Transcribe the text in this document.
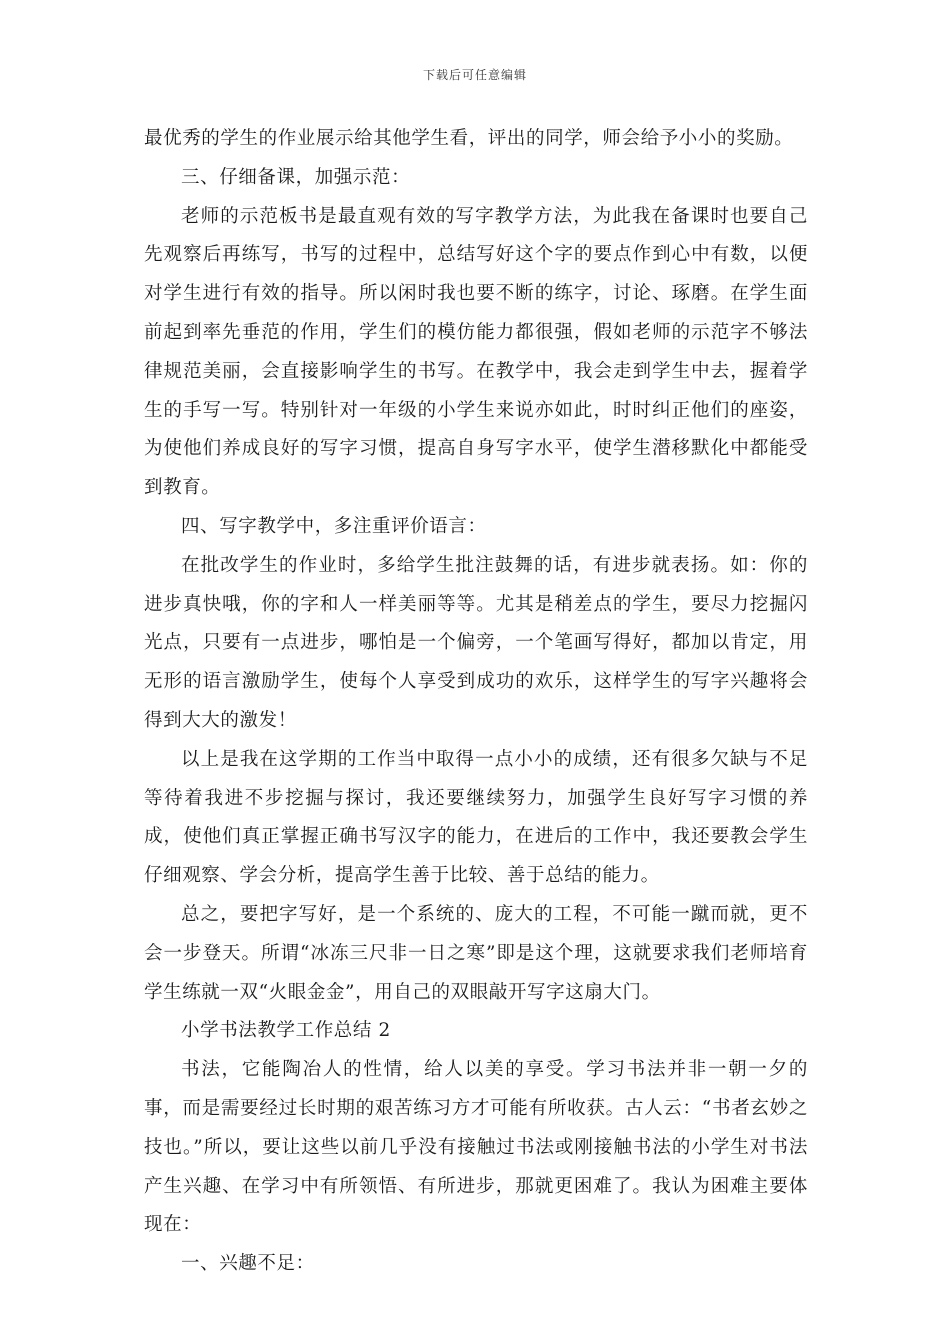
下载后可任意编辑

最优秀的学生的作业展示给其他学生看，评出的同学，师会给予小小的奖励。

三、仔细备课，加强示范：

老师的示范板书是最直观有效的写字教学方法，为此我在备课时也要自己先观察后再练写，书写的过程中，总结写好这个字的要点作到心中有数，以便对学生进行有效的指导。所以闲时我也要不断的练字，讨论、琢磨。在学生面前起到率先垂范的作用，学生们的模仿能力都很强，假如老师的示范字不够法律规范美丽，会直接影响学生的书写。在教学中，我会走到学生中去，握着学生的手写一写。特别针对一年级的小学生来说亦如此，时时纠正他们的座姿，为使他们养成良好的写字习惯，提高自身写字水平，使学生潜移默化中都能受到教育。

四、写字教学中，多注重评价语言：

在批改学生的作业时，多给学生批注鼓舞的话，有进步就表扬。如：你的进步真快哦，你的字和人一样美丽等等。尤其是稍差点的学生，要尽力挖掘闪光点，只要有一点进步，哪怕是一个偏旁，一个笔画写得好，都加以肯定，用无形的语言激励学生，使每个人享受到成功的欢乐，这样学生的写字兴趣将会得到大大的激发！

以上是我在这学期的工作当中取得一点小小的成绩，还有很多欠缺与不足等待着我进不步挖掘与探讨，我还要继续努力，加强学生良好写字习惯的养成，使他们真正掌握正确书写汉字的能力，在进后的工作中，我还要教会学生仔细观察、学会分析，提高学生善于比较、善于总结的能力。

总之，要把字写好，是一个系统的、庞大的工程，不可能一蹴而就，更不会一步登天。所谓“冰冻三尺非一日之寒”即是这个理，这就要求我们老师培育学生练就一双“火眼金金”，用自己的双眼敲开写字这扇大门。

小学书法教学工作总结 2

书法，它能陶冶人的性情，给人以美的享受。学习书法并非一朝一夕的事，而是需要经过长时期的艰苦练习方才可能有所收获。古人云：“书者玄妙之技也。”所以，要让这些以前几乎没有接触过书法或刚接触书法的小学生对书法产生兴趣、在学习中有所领悟、有所进步，那就更困难了。我认为困难主要体现在：

一、兴趣不足：
